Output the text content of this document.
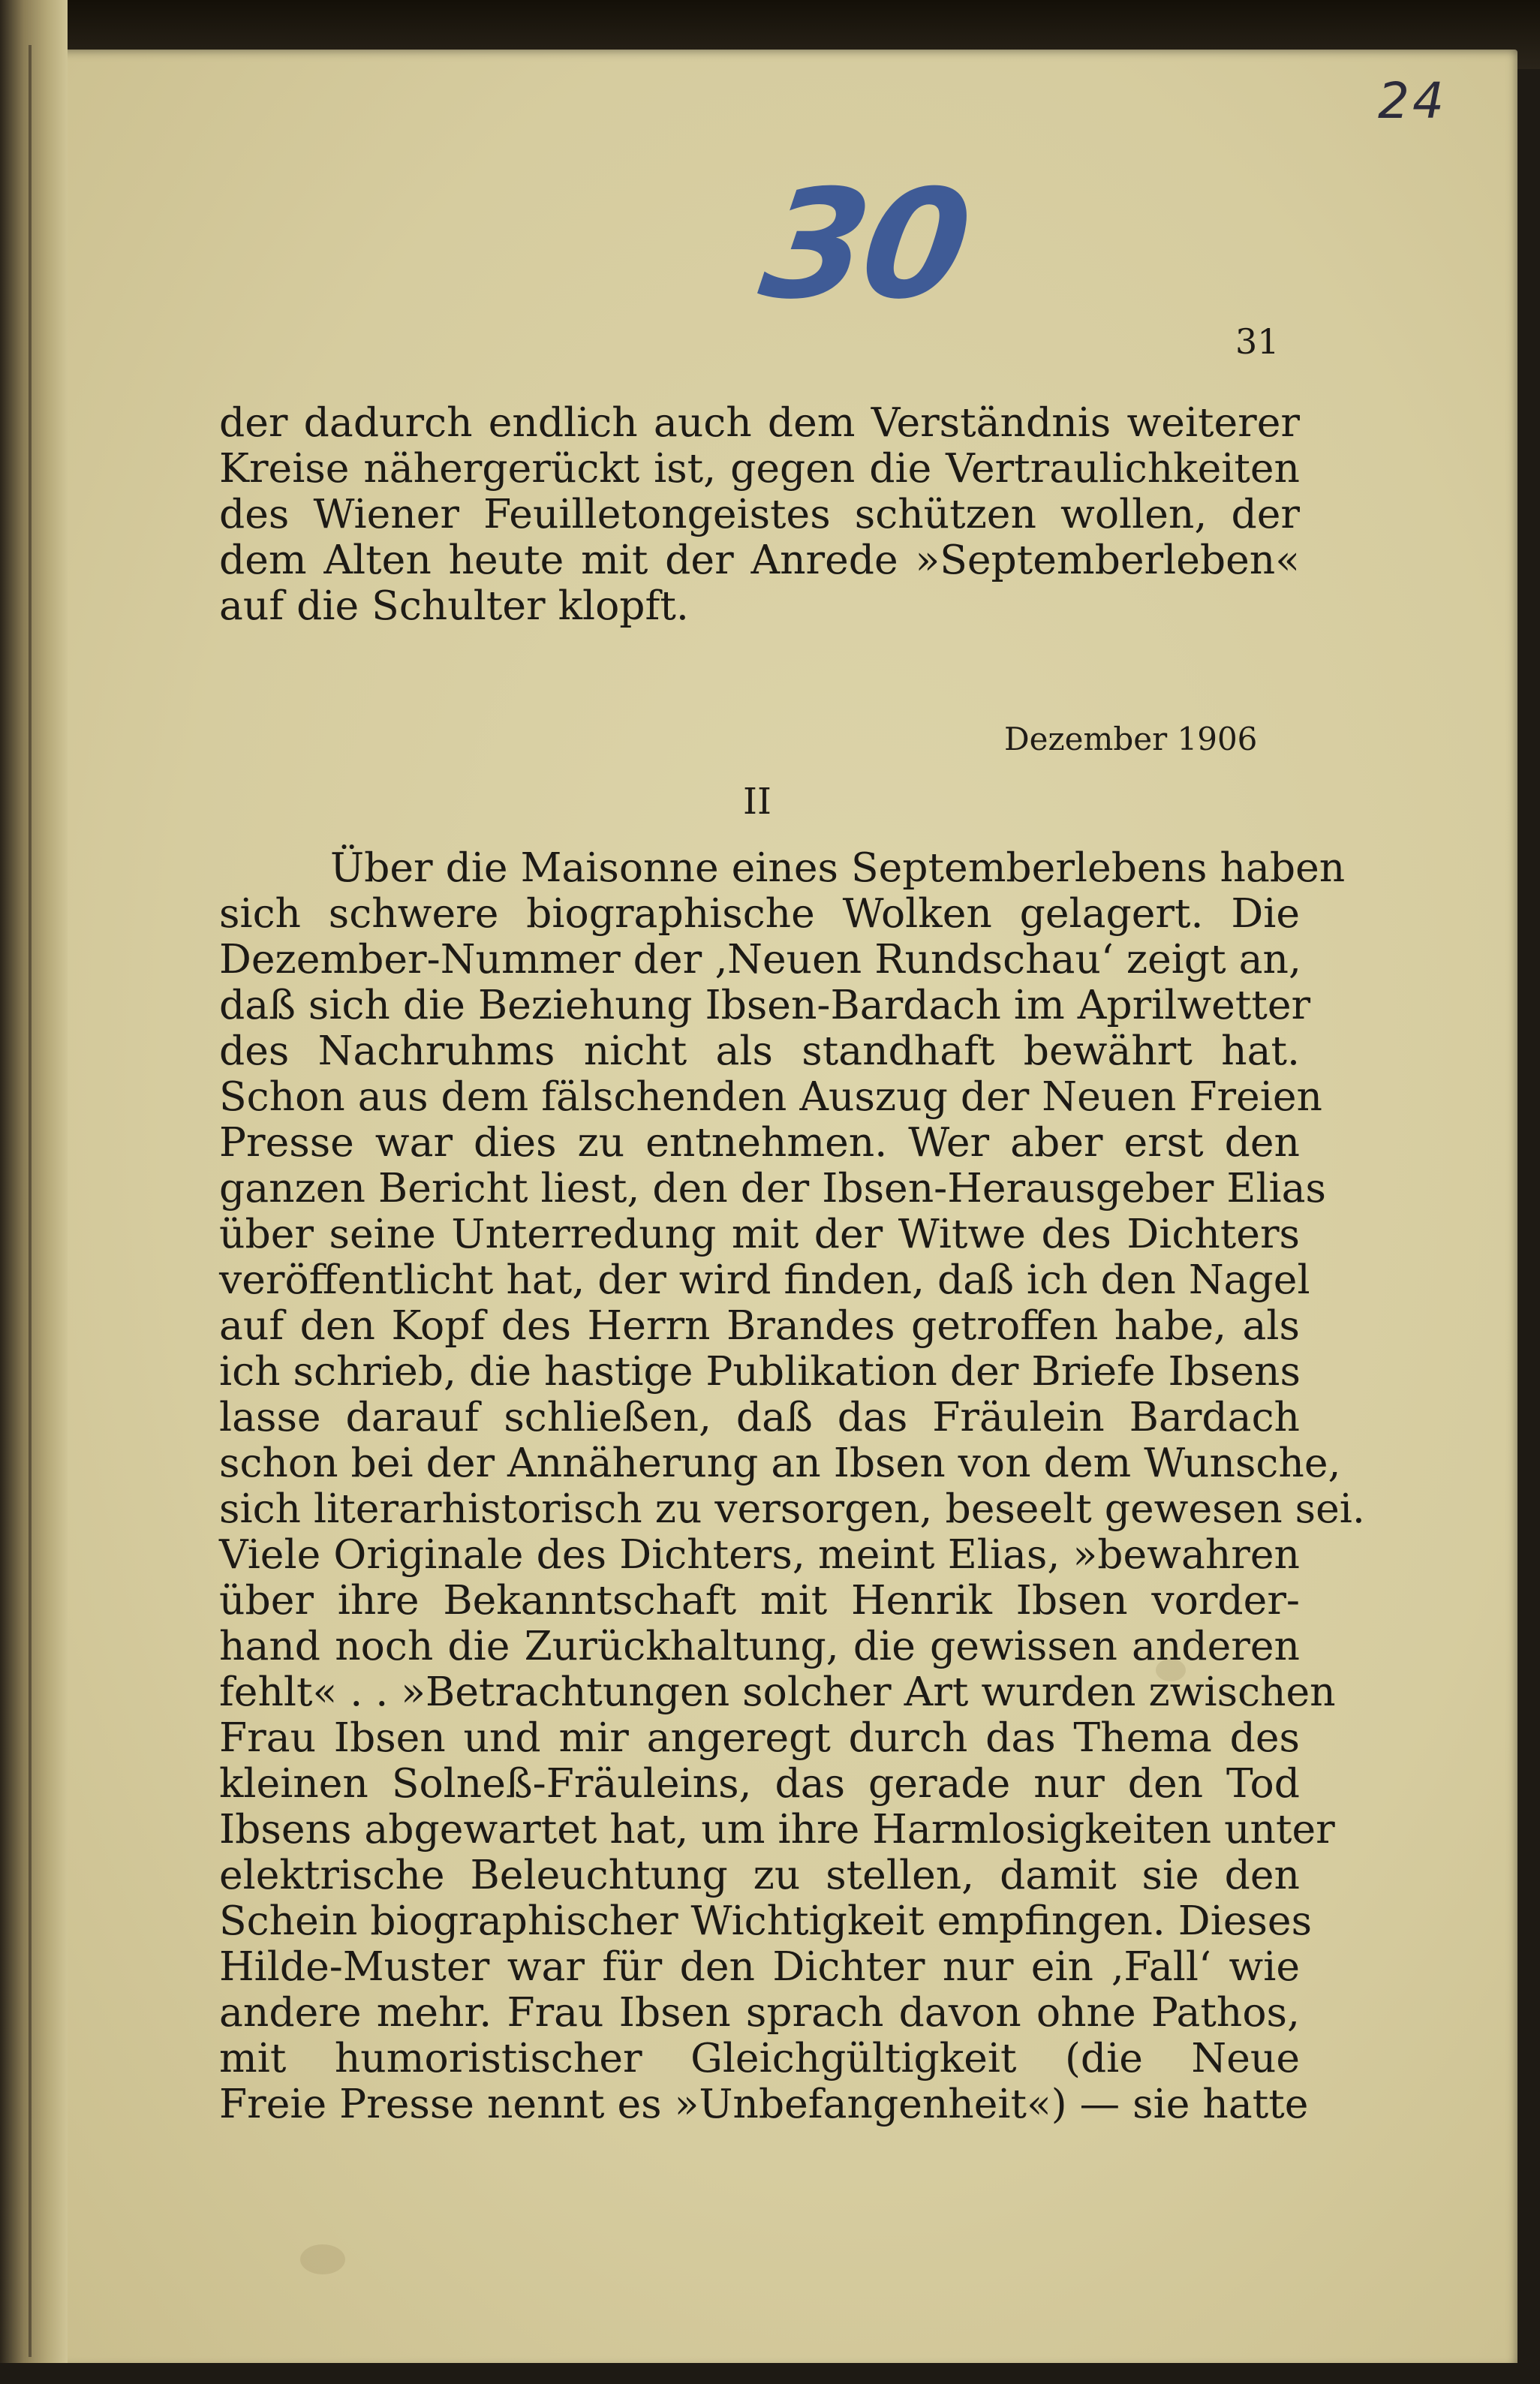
24
30
31
der dadurch endlich auch dem Verständnis weiterer
Kreise nähergerückt ist, gegen die Vertraulichkeiten
des Wiener Feuilletongeistes schützen wollen, der
dem Alten heute mit der Anrede »Septemberleben«
auf die Schulter klopft.
Dezember 1906
II
Über die Maisonne eines Septemberlebens haben
sich schwere biographische Wolken gelagert. Die
Dezember-Nummer der ‚Neuen Rundschau‘ zeigt an,
daß sich die Beziehung Ibsen-Bardach im Aprilwetter
des Nachruhms nicht als standhaft bewährt hat.
Schon aus dem fälschenden Auszug der Neuen Freien
Presse war dies zu entnehmen. Wer aber erst den
ganzen Bericht liest, den der Ibsen-Herausgeber Elias
über seine Unterredung mit der Witwe des Dichters
veröffentlicht hat, der wird finden, daß ich den Nagel
auf den Kopf des Herrn Brandes getroffen habe, als
ich schrieb, die hastige Publikation der Briefe Ibsens
lasse darauf schließen, daß das Fräulein Bardach
schon bei der Annäherung an Ibsen von dem Wunsche,
sich literarhistorisch zu versorgen, beseelt gewesen sei.
Viele Originale des Dichters, meint Elias, »bewahren
über ihre Bekanntschaft mit Henrik Ibsen vorder-
hand noch die Zurückhaltung, die gewissen anderen
fehlt« . . »Betrachtungen solcher Art wurden zwischen
Frau Ibsen und mir angeregt durch das Thema des
kleinen Solneß-Fräuleins, das gerade nur den Tod
Ibsens abgewartet hat, um ihre Harmlosigkeiten unter
elektrische Beleuchtung zu stellen, damit sie den
Schein biographischer Wichtigkeit empfingen. Dieses
Hilde-Muster war für den Dichter nur ein ‚Fall‘ wie
andere mehr. Frau Ibsen sprach davon ohne Pathos,
mit humoristischer Gleichgültigkeit (die Neue
Freie Presse nennt es »Unbefangenheit«) — sie hatte
